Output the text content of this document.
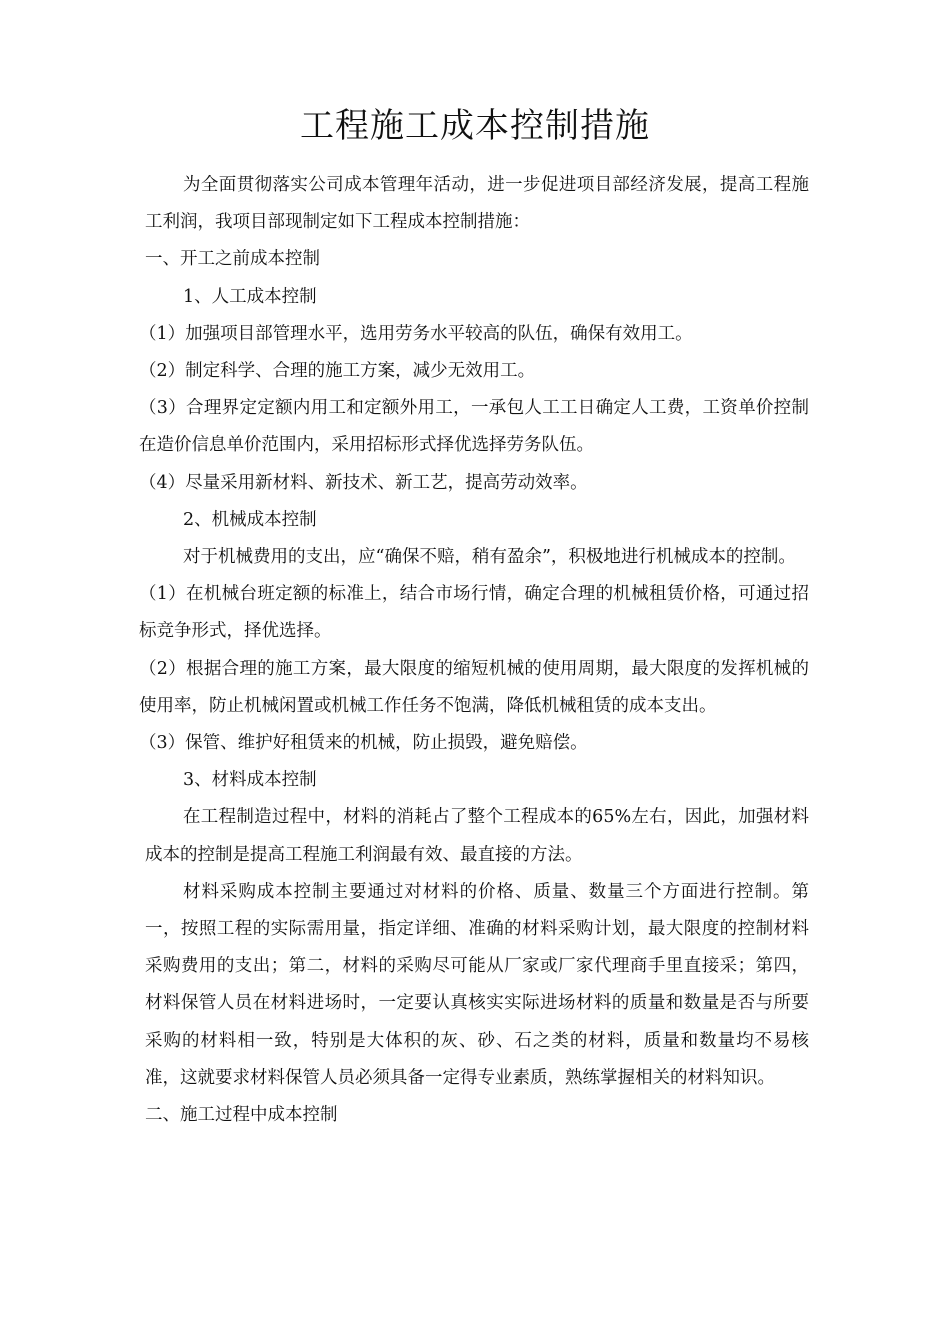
工程施工成本控制措施

为全面贯彻落实公司成本管理年活动，进一步促进项目部经济发展，提高工程施工利润，我项目部现制定如下工程成本控制措施：

一、开工之前成本控制

1、人工成本控制

（1）加强项目部管理水平，选用劳务水平较高的队伍，确保有效用工。

（2）制定科学、合理的施工方案，减少无效用工。

（3）合理界定定额内用工和定额外用工，一承包人工工日确定人工费，工资单价控制在造价信息单价范围内，采用招标形式择优选择劳务队伍。

（4）尽量采用新材料、新技术、新工艺，提高劳动效率。

2、机械成本控制

对于机械费用的支出，应“确保不赔，稍有盈余”，积极地进行机械成本的控制。

（1）在机械台班定额的标准上，结合市场行情，确定合理的机械租赁价格，可通过招标竞争形式，择优选择。

（2）根据合理的施工方案，最大限度的缩短机械的使用周期，最大限度的发挥机械的使用率，防止机械闲置或机械工作任务不饱满，降低机械租赁的成本支出。

（3）保管、维护好租赁来的机械，防止损毁，避免赔偿。

3、材料成本控制

在工程制造过程中，材料的消耗占了整个工程成本的65%左右，因此，加强材料成本的控制是提高工程施工利润最有效、最直接的方法。

材料采购成本控制主要通过对材料的价格、质量、数量三个方面进行控制。第一，按照工程的实际需用量，指定详细、准确的材料采购计划，最大限度的控制材料采购费用的支出；第二，材料的采购尽可能从厂家或厂家代理商手里直接采；第四，材料保管人员在材料进场时，一定要认真核实实际进场材料的质量和数量是否与所要采购的材料相一致，特别是大体积的灰、砂、石之类的材料，质量和数量均不易核准，这就要求材料保管人员必须具备一定得专业素质，熟练掌握相关的材料知识。

二、施工过程中成本控制
